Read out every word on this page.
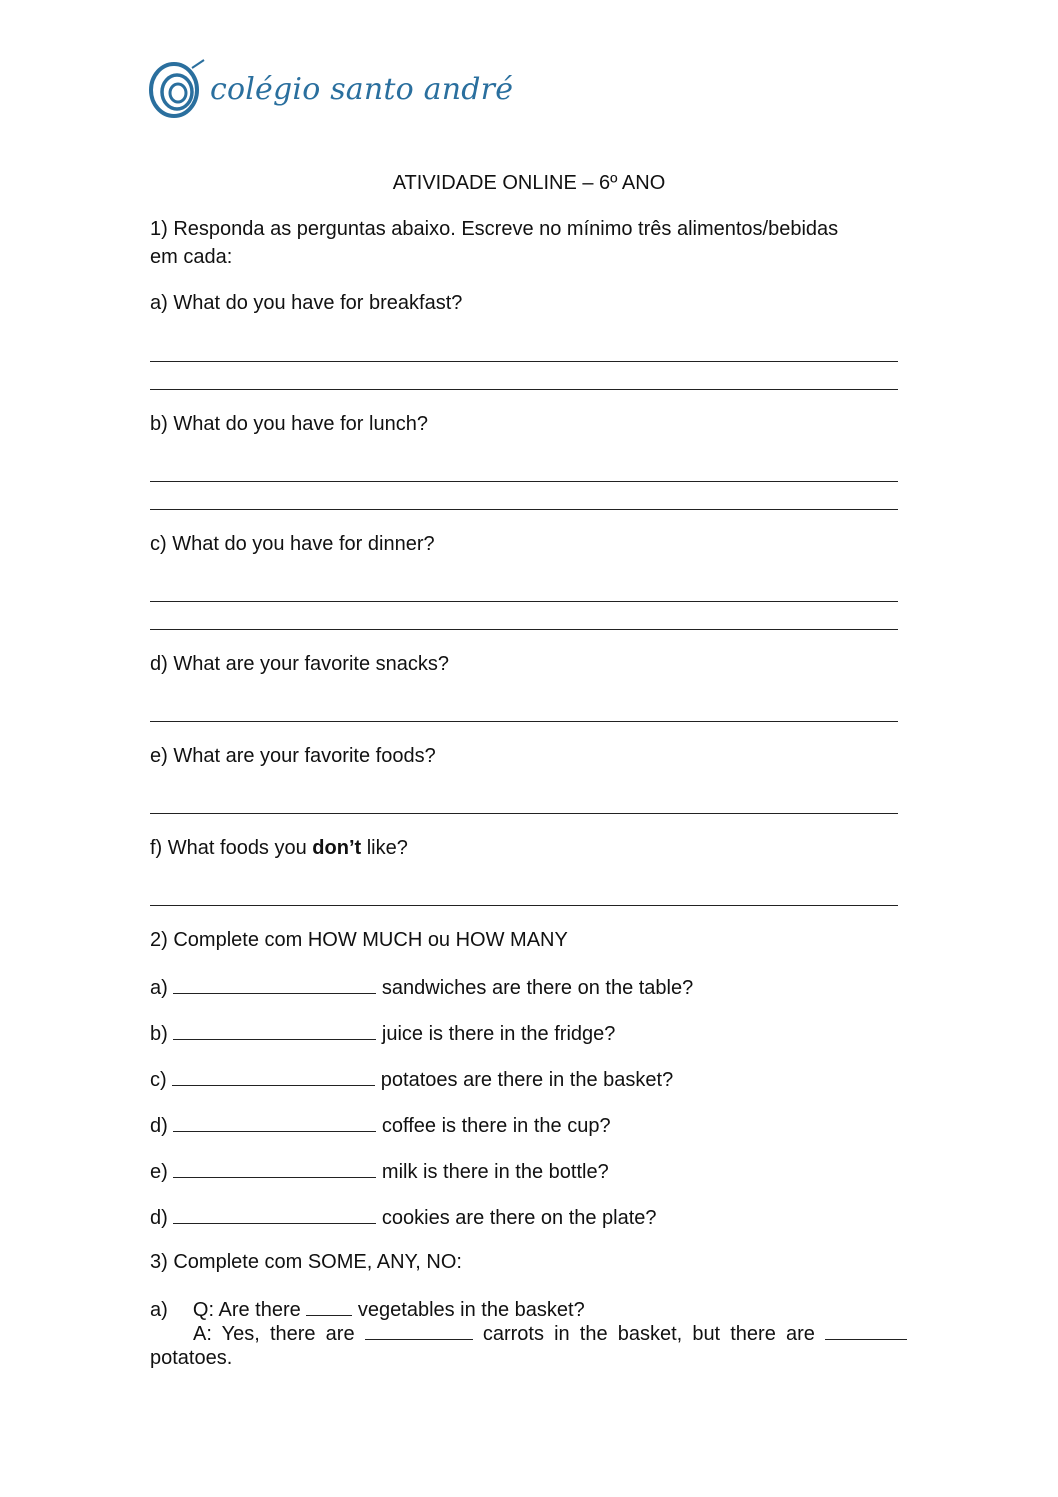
colégio santo andré
ATIVIDADE ONLINE – 6º ANO
1) Responda as perguntas abaixo. Escreve no mínimo três alimentos/bebidas
em cada:
a) What do you have for breakfast?
b) What do you have for lunch?
c) What do you have for dinner?
d) What are your favorite snacks?
e) What are your favorite foods?
f) What foods you don’t like?
2) Complete com HOW MUCH ou HOW MANY
a)	sandwiches are there on the table?
b)	juice is there in the fridge?
c)	potatoes are there in the basket?
d)	coffee is there in the cup?
e)	milk is there in the bottle?
d)	cookies are there on the plate?
3) Complete com SOME, ANY, NO:
a) Q: Are there	vegetables in the basket?
A: Yes, there are	carrots in the basket, but there are
potatoes.
